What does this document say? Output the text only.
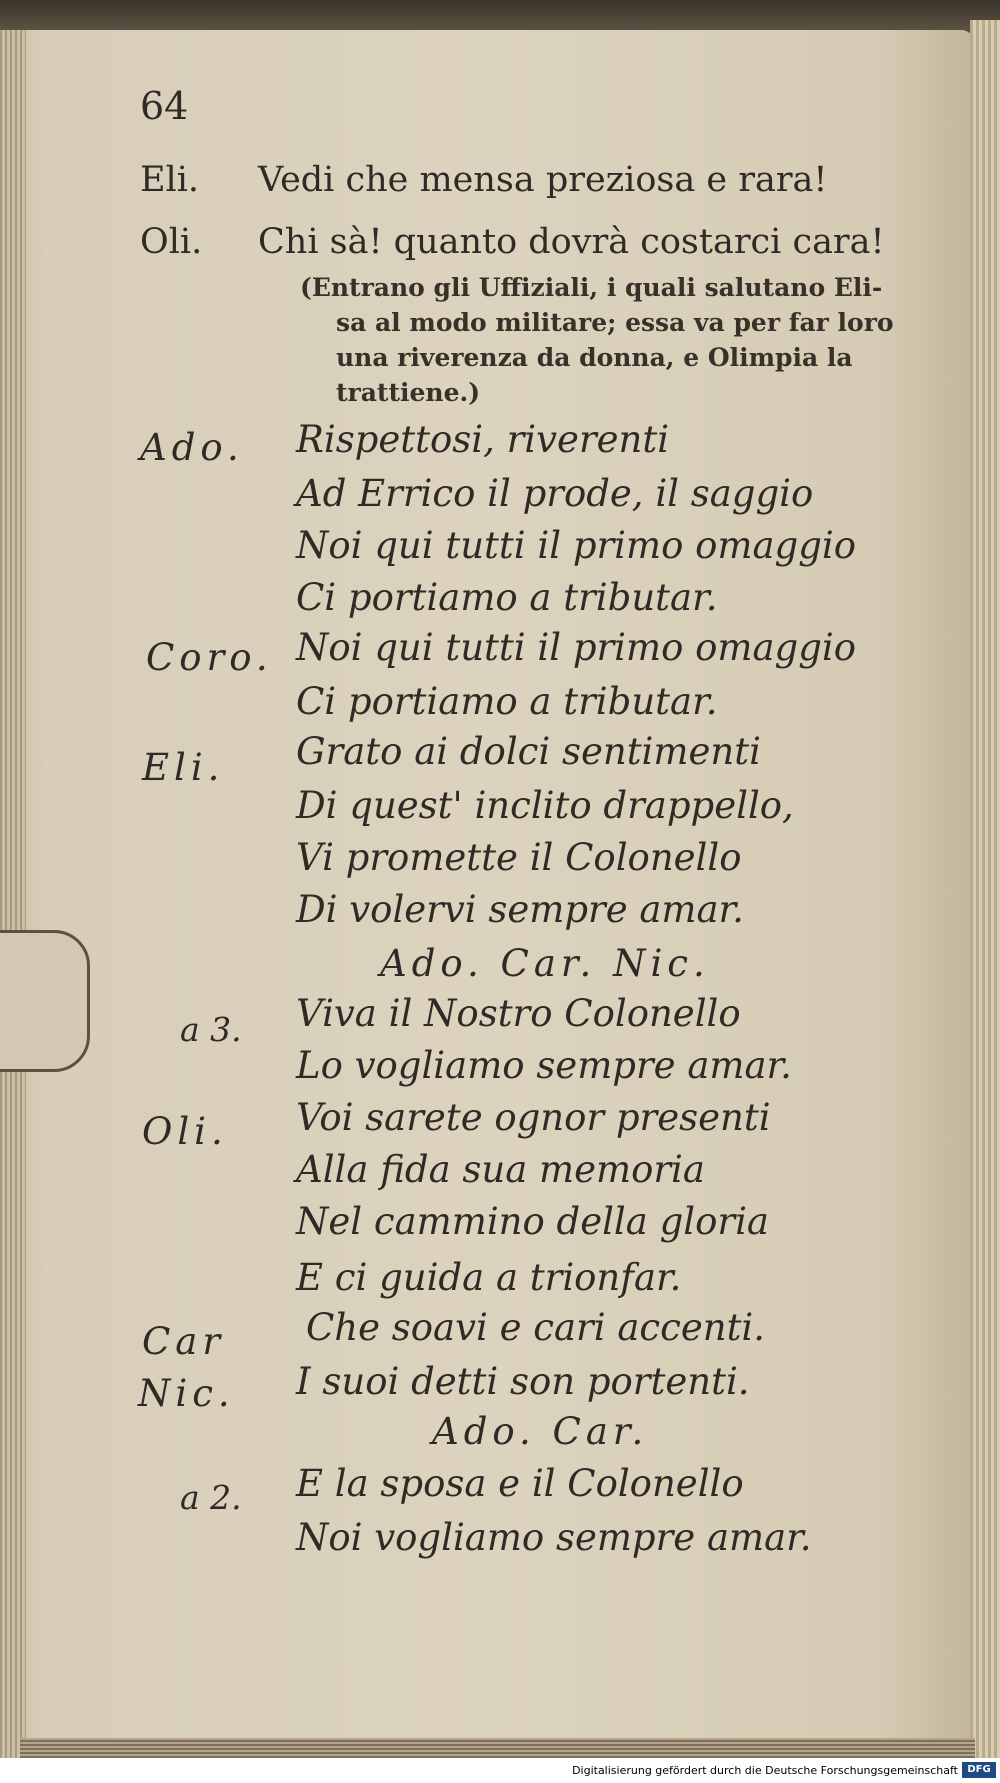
64
Eli. Vedi che mensa preziosa e rara!
Oli. Chi sà! quanto dovrà costarci cara!
(Entrano gli Uffiziali, i quali salutano Eli-
sa al modo militare; essa va per far loro
una riverenza da donna, e Olimpia la
trattiene.)
Ado. Rispettosi, riverenti
Ad Errico il prode, il saggio
Noi qui tutti il primo omaggio
Ci portiamo a tributar.
Coro. Noi qui tutti il primo omaggio
Ci portiamo a tributar.
Eli. Grato ai dolci sentimenti
Di quest' inclito drappello,
Vi promette il Colonello
Di volervi sempre amar.
Ado. Car. Nic.
a 3. Viva il Nostro Colonello
Lo vogliamo sempre amar.
Oli. Voi sarete ognor presenti
Alla fida sua memoria
Nel cammino della gloria
E ci guida a trionfar.
Car Che soavi e cari accenti.
Nic. I suoi detti son portenti.
Ado. Car.
a 2. E la sposa e il Colonello
Noi vogliamo sempre amar.
Digitalisierung gefördert durch die Deutsche Forschungsgemeinschaft DFG
